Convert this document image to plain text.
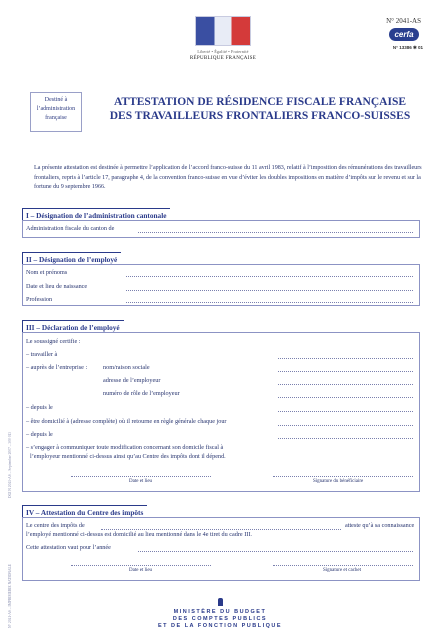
Liberté • Égalité • Fraternité
RÉPUBLIQUE FRANÇAISE
N° 2041-AS
cerfa
N° 13386 ✱ 01
Destiné à l’administration française
ATTESTATION DE RÉSIDENCE FISCALE FRANÇAISE
DES TRAVAILLEURS FRONTALIERS FRANCO-SUISSES
La présente attestation est destinée à permettre l’application de l’accord franco-suisse du 11 avril 1983, relatif à l’imposition des rémunérations des travailleurs frontaliers, repris à l’article 17, paragraphe 4, de la convention franco-suisse en vue d’éviter les doubles impositions en matière d’impôts sur le revenu et sur la fortune du 9 septembre 1966.
I – Désignation de l’administration cantonale
Administration fiscale du canton de
II – Désignation de l’employé
Nom et prénoms
Date et lieu de naissance
Profession
III – Déclaration de l’employé
Le soussigné certifie :
– travailler à
– auprès de l’entreprise :	nom/raison sociale
adresse de l’employeur
numéro de rôle de l’employeur
– depuis le
– être domicilié à (adresse complète) où il retourne en règle générale chaque jour
– depuis le
– s’engager à communiquer toute modification concernant son domicile fiscal à
l’employeur mentionné ci-dessus ainsi qu’au Centre des impôts dont il dépend.
Date et lieu	Signature du bénéficiaire
IV – Attestation du Centre des impôts
Le centre des impôts de	atteste qu’à sa connaissance
l’employé mentionné ci-dessus est domicilié au lieu mentionné dans le 4e tiret du cadre III.
Cette attestation vaut pour l’année
Date et lieu	Signature et cachet
DGI N 2041-AS – Septembre 2007 – 300 013
N° 2041-AS – IMPRIMERIE NATIONALE	MINISTÈRE DU BUDGET
DES COMPTES PUBLICS
ET DE LA FONCTION PUBLIQUE
